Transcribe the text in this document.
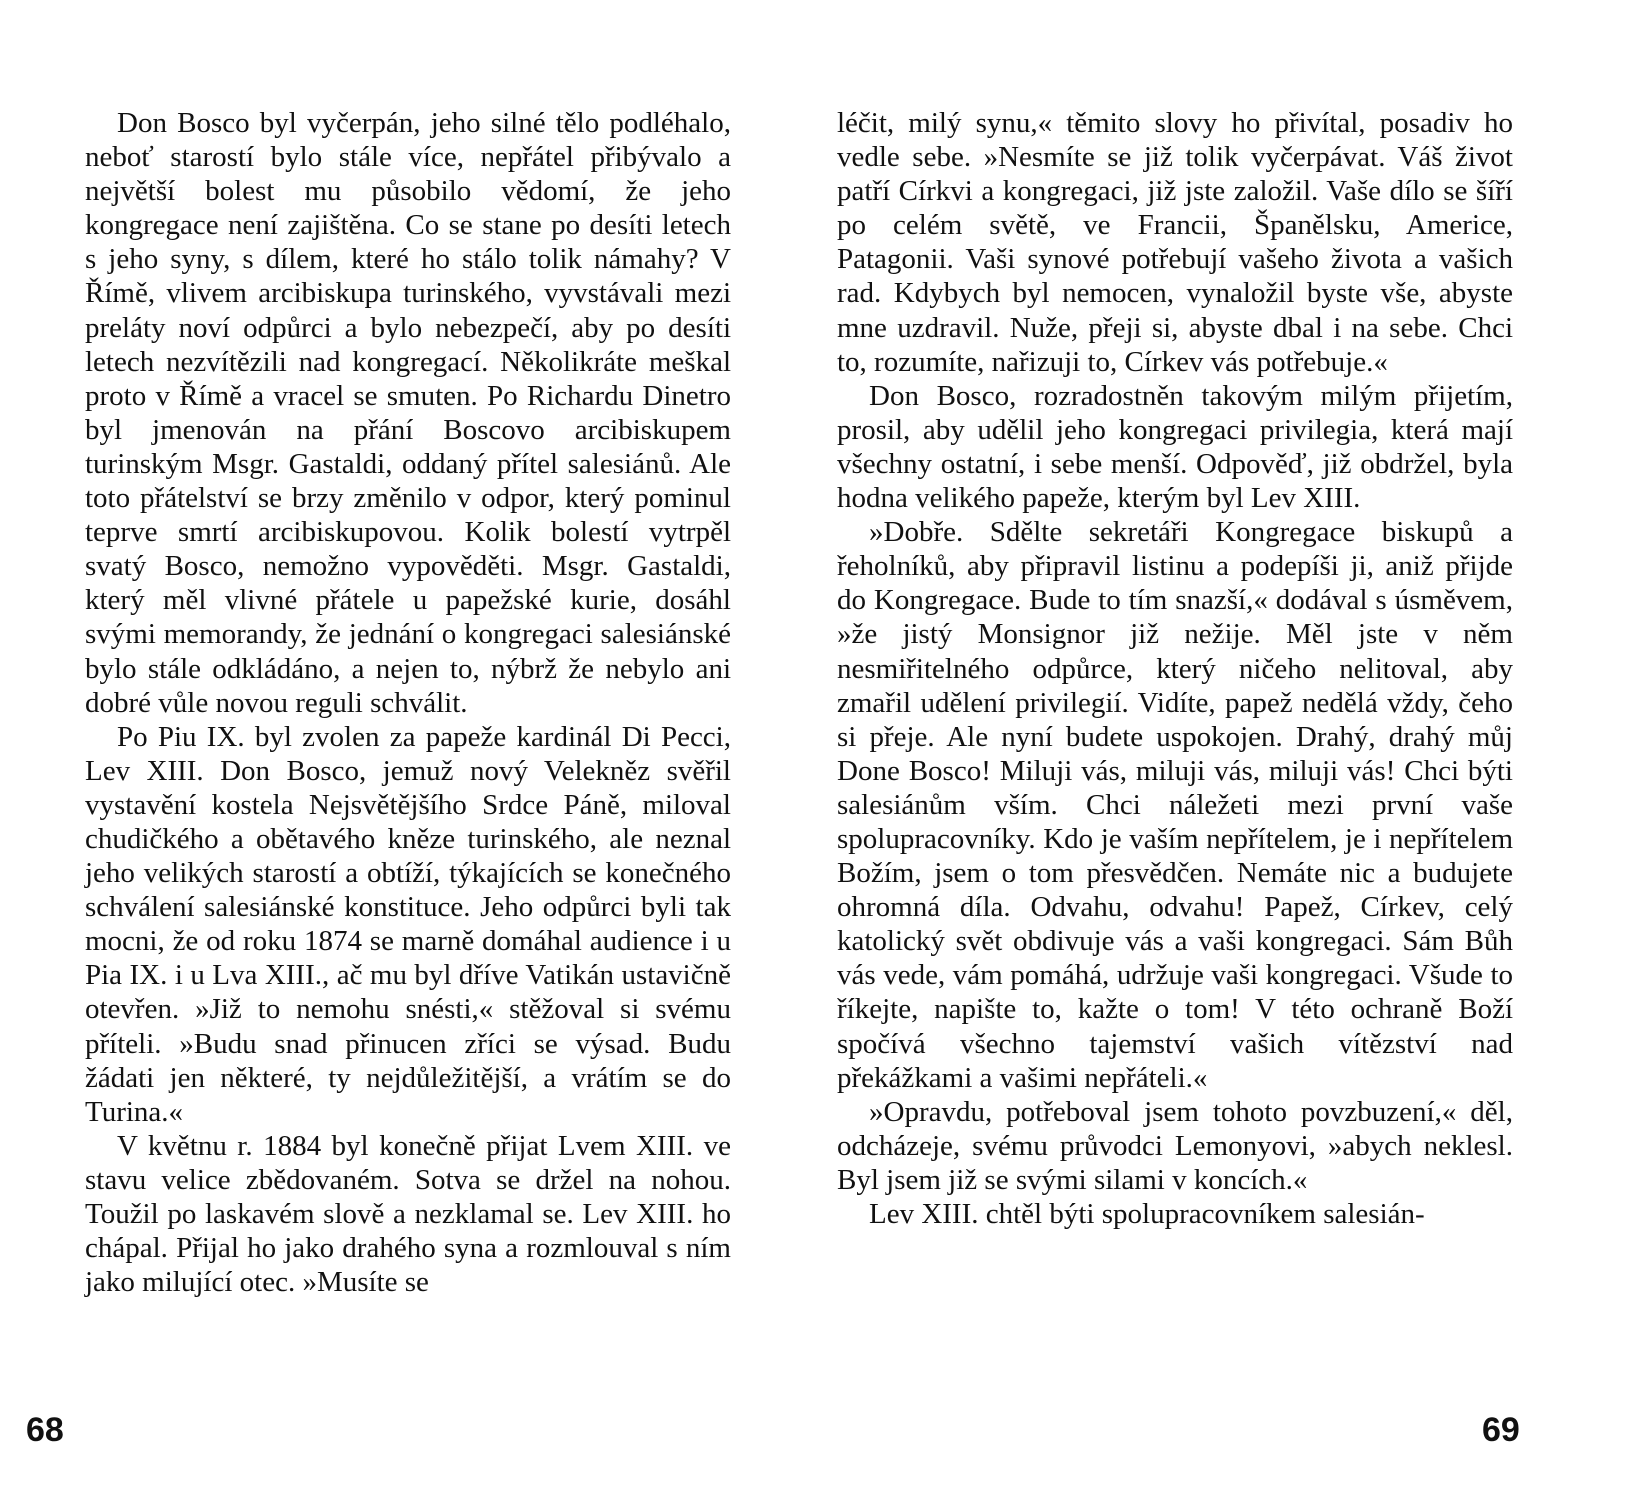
Don Bosco byl vyčerpán, jeho silné tělo podléhalo, neboť starostí bylo stále více, nepřátel přibývalo a největší bolest mu působilo vědomí, že jeho kongregace není zajištěna. Co se stane po desíti letech s jeho syny, s dílem, které ho stálo tolik námahy? V Římě, vlivem arcibiskupa turinského, vyvstávali mezi preláty noví odpůrci a bylo nebezpečí, aby po desíti letech nezvítězili nad kongregací. Několikráte meškal proto v Římě a vracel se smuten. Po Richardu Dinetro byl jmenován na přání Boscovo arcibiskupem turinským Msgr. Gastaldi, oddaný přítel salesiánů. Ale toto přátelství se brzy změnilo v odpor, který pominul teprve smrtí arcibiskupovou. Kolik bolestí vytrpěl svatý Bosco, nemožno vypověděti. Msgr. Gastaldi, který měl vlivné přátele u papežské kurie, dosáhl svými memorandy, že jednání o kongregaci salesiánské bylo stále odkládáno, a nejen to, nýbrž že nebylo ani dobré vůle novou reguli schválit.

Po Piu IX. byl zvolen za papeže kardinál Di Pecci, Lev XIII. Don Bosco, jemuž nový Velekněz svěřil vystavění kostela Nejsvětějšího Srdce Páně, miloval chudičkého a obětavého kněze turinského, ale neznal jeho velikých starostí a obtíží, týkajících se konečného schválení salesiánské konstituce. Jeho odpůrci byli tak mocni, že od roku 1874 se marně domáhal audience i u Pia IX. i u Lva XIII., ač mu byl dříve Vatikán ustavičně otevřen. »Již to nemohu snésti,« stěžoval si svému příteli. »Budu snad přinucen zříci se výsad. Budu žádati jen některé, ty nejdůležitější, a vrátím se do Turina.«

V květnu r. 1884 byl konečně přijat Lvem XIII. ve stavu velice zbědovaném. Sotva se držel na nohou. Toužil po laskavém slově a nezklamal se. Lev XIII. ho chápal. Přijal ho jako drahého syna a rozmlouval s ním jako milující otec. »Musíte se

68

léčit, milý synu,« těmito slovy ho přivítal, posadiv ho vedle sebe. »Nesmíte se již tolik vyčerpávat. Váš život patří Církvi a kongregaci, již jste založil. Vaše dílo se šíří po celém světě, ve Francii, Španělsku, Americe, Patagonii. Vaši synové potřebují vašeho života a vašich rad. Kdybych byl nemocen, vynaložil byste vše, abyste mne uzdravil. Nuže, přeji si, abyste dbal i na sebe. Chci to, rozumíte, nařizuji to, Církev vás potřebuje.«

Don Bosco, rozradostněn takovým milým přijetím, prosil, aby udělil jeho kongregaci privilegia, která mají všechny ostatní, i sebe menší. Odpověď, již obdržel, byla hodna velikého papeže, kterým byl Lev XIII.

»Dobře. Sdělte sekretáři Kongregace biskupů a řeholníků, aby připravil listinu a podepíši ji, aniž přijde do Kongregace. Bude to tím snazší,« dodával s úsměvem, »že jistý Monsignor již nežije. Měl jste v něm nesmiřitelného odpůrce, který ničeho nelitoval, aby zmařil udělení privilegií. Vidíte, papež nedělá vždy, čeho si přeje. Ale nyní budete uspokojen. Drahý, drahý můj Done Bosco! Miluji vás, miluji vás, miluji vás! Chci býti salesiánům vším. Chci náležeti mezi první vaše spolupracovníky. Kdo je vaším nepřítelem, je i nepřítelem Božím, jsem o tom přesvědčen. Nemáte nic a budujete ohromná díla. Odvahu, odvahu! Papež, Církev, celý katolický svět obdivuje vás a vaši kongregaci. Sám Bůh vás vede, vám pomáhá, udržuje vaši kongregaci. Všude to říkejte, napište to, kažte o tom! V této ochraně Boží spočívá všechno tajemství vašich vítězství nad překážkami a vašimi nepřáteli.«

»Opravdu, potřeboval jsem tohoto povzbuzení,« děl, odcházeje, svému průvodci Lemonyovi, »abych neklesl. Byl jsem již se svými silami v koncích.«

Lev XIII. chtěl býti spolupracovníkem salesián-

69
